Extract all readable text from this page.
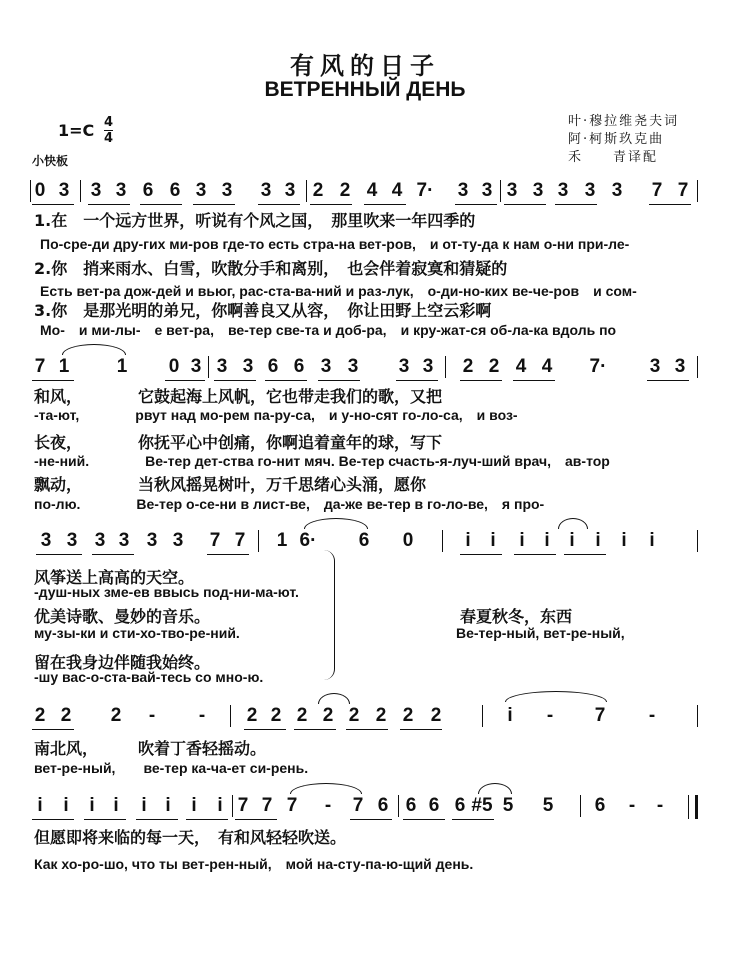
有风的日子
ВЕТРЕННЫЙ ДЕНЬ
叶·穆拉维尧夫词
阿·柯斯玖克曲
禾　　青译配
1=C 4
4
小快板
0 3 3 3 6 6 3 3 3 3 2 2 4 4 7· 3 3 3 3 3 3 3 7 7
1.在　一个远方世界，听说有个风之国，　那里吹来一年四季的
По-сре-ди дру-гих ми-ров где-то есть стра-на вет-ров,　и от-ту-да к нам о-ни при-ле-
2.你　捎来雨水、白雪，吹散分手和离别，　也会伴着寂寞和猜疑的
Есть вет-ра дож-дей и вьюг, рас-ста-ва-ний и раз-лук,　о-ди-но-ких ве-че-ров　и сом-
3.你　是那光明的弟兄，你啊善良又从容，　你让田野上空云彩啊
Мо-　и ми-лы-　е вет-ра,　ве-тер све-та и доб-ра,　и кру-жат-ся об-ла-ка вдоль по
7 1 1 0 3 3 3 6 6 3 3 3 3 2 2 4 4 7· 3 3
和风，　　　　它鼓起海上风帆，它也带走我们的歌，又把
-та-ют,　　　　рвут над мо-рем па-ру-са,　и у-но-сят го-ло-са,　и воз-
长夜，　　　　你抚平心中创痛，你啊追着童年的球，写下
-не-ний.　　　　Ве-тер дет-ства го-нит мяч. Ве-тер счасть-я-луч-ший врач,　ав-тор
飘动，　　　　当秋风摇晃树叶，万千思绪心头涌，愿你
по-лю.　　　　Ве-тер о-се-ни в лист-ве,　да-же ве-тер в го-ло-ве,　я про-
3 3 3 3 3 3 7 7 1 6· 6 0	i i i i i i i i
风筝送上高高的天空。
-душ-ных зме-ев ввысь под-ни-ма-ют.
优美诗歌、曼妙的音乐。
му-зы-ки и сти-хо-тво-ре-ний.
留在我身边伴随我始终。
-шу вас-о-ста-вай-тесь со мно-ю.
春夏秋冬，东西
Ве-тер-ный, вет-ре-ный,
2 2 2 - - 2 2 2 2 2 2 2 2	i - 7 -
南北风，　　　吹着丁香轻摇动。
вет-ре-ный,　　ве-тер ка-ча-ет си-рень.
i i i i i i i i 7 7 7 - 7 6 6 6 6 #5 5 5 6 - -
但愿即将来临的每一天，　有和风轻轻吹送。
Как хо-ро-шо, что ты вет-рен-ный,　мой на-сту-па-ю-щий день.
